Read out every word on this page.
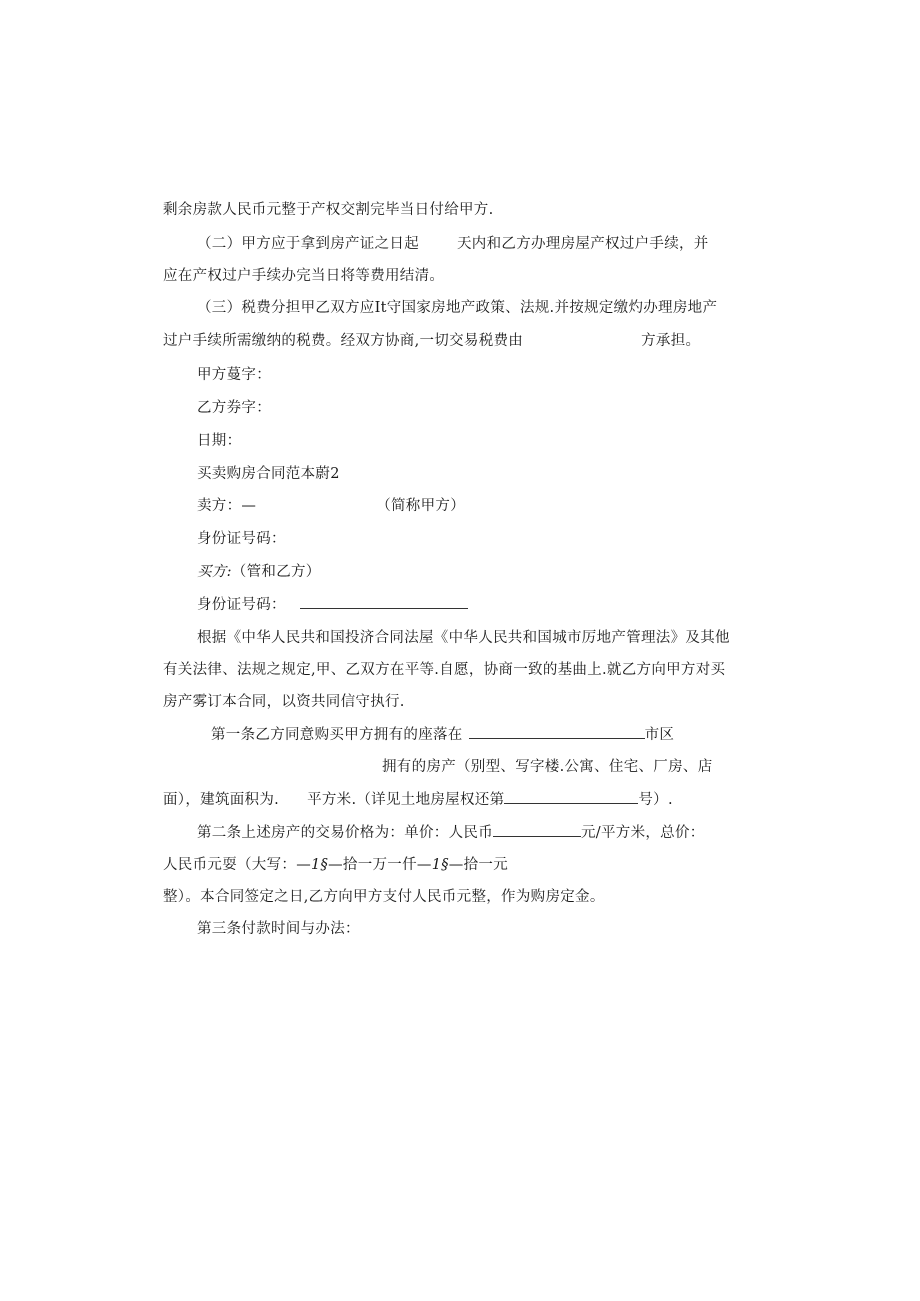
剩余房款人民币元整于产权交割完毕当日付给甲方.
（二）甲方应于拿到房产证之日起	天内和乙方办理房屋产权过户手续，并
应在产权过户手续办完当日将等费用结清。
（三）税费分担甲乙双方应It守国家房地产政策、法规.并按规定缴灼办理房地产
过户手续所需缴纳的税费。经双方协商,一切交易税费由	方承担。
甲方蔓字：
乙方券字：
日期：
买卖购房合同范本蔚2
卖方：—	（简称甲方）
身份证号码：
买方:（管和乙方）
身份证号码：
根据《中华人民共和国投济合同法屋《中华人民共和国城市厉地产管理法》及其他
有关法律、法规之规定,甲、乙双方在平等.自愿，协商一致的基曲上.就乙方向甲方对买
房产雾订本合同，以资共同信守执行.
第一条乙方同意购买甲方拥有的座落在	市区
拥有的房产（别型、写字楼.公寓、住宅、厂房、店
面），建筑面积为. 平方米.（详见土地房屋权还第	号）.
第二条上述房产的交易价格为：单价：人民币	元/平方米，总价：
人民币元耍（大写：—1§—拾一万一仟—1§—拾一元
整）。本合同签定之日,乙方向甲方支付人民币元整，作为购房定金。
第三条付款时间与办法：
